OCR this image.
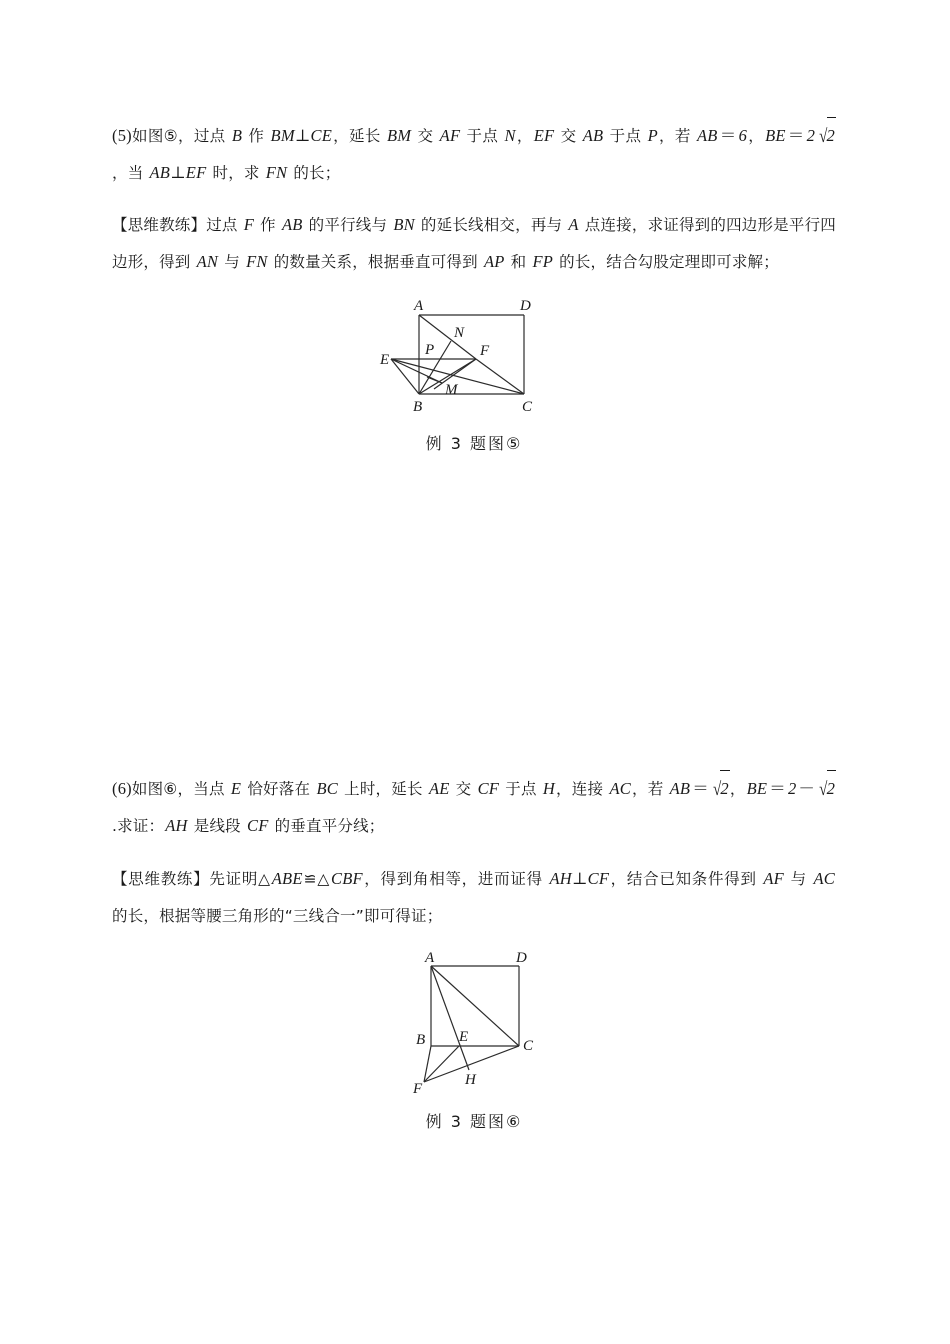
(5)如图⑤，过点 B 作 BM⊥CE，延长 BM 交 AF 于点 N，EF 交 AB 于点 P，若 AB ＝ 6，BE ＝ 2 √2，当 AB⊥EF 时，求 FN 的长；

【思维教练】过点 F 作 AB 的平行线与 BN 的延长线相交，再与 A 点连接，求证得到的四边形是平行四边形，得到 AN 与 FN 的数量关系，根据垂直可得到 AP 和 FP 的长，结合勾股定理即可求解；

A	D
B	C
E
F
N
P
M
例 3 题图⑤

(6)如图⑥，当点 E 恰好落在 BC 上时，延长 AE 交 CF 于点 H，连接 AC，若 AB ＝ √2，BE ＝ 2 － √2.求证：AH 是线段 CF 的垂直平分线；

【思维教练】先证明△ABE≌△CBF，得到角相等，进而证得 AH⊥CF，结合已知条件得到 AF 与 AC 的长，根据等腰三角形的“三线合一”即可得证；

A	D
B	C
E
F
H
例 3 题图⑥
